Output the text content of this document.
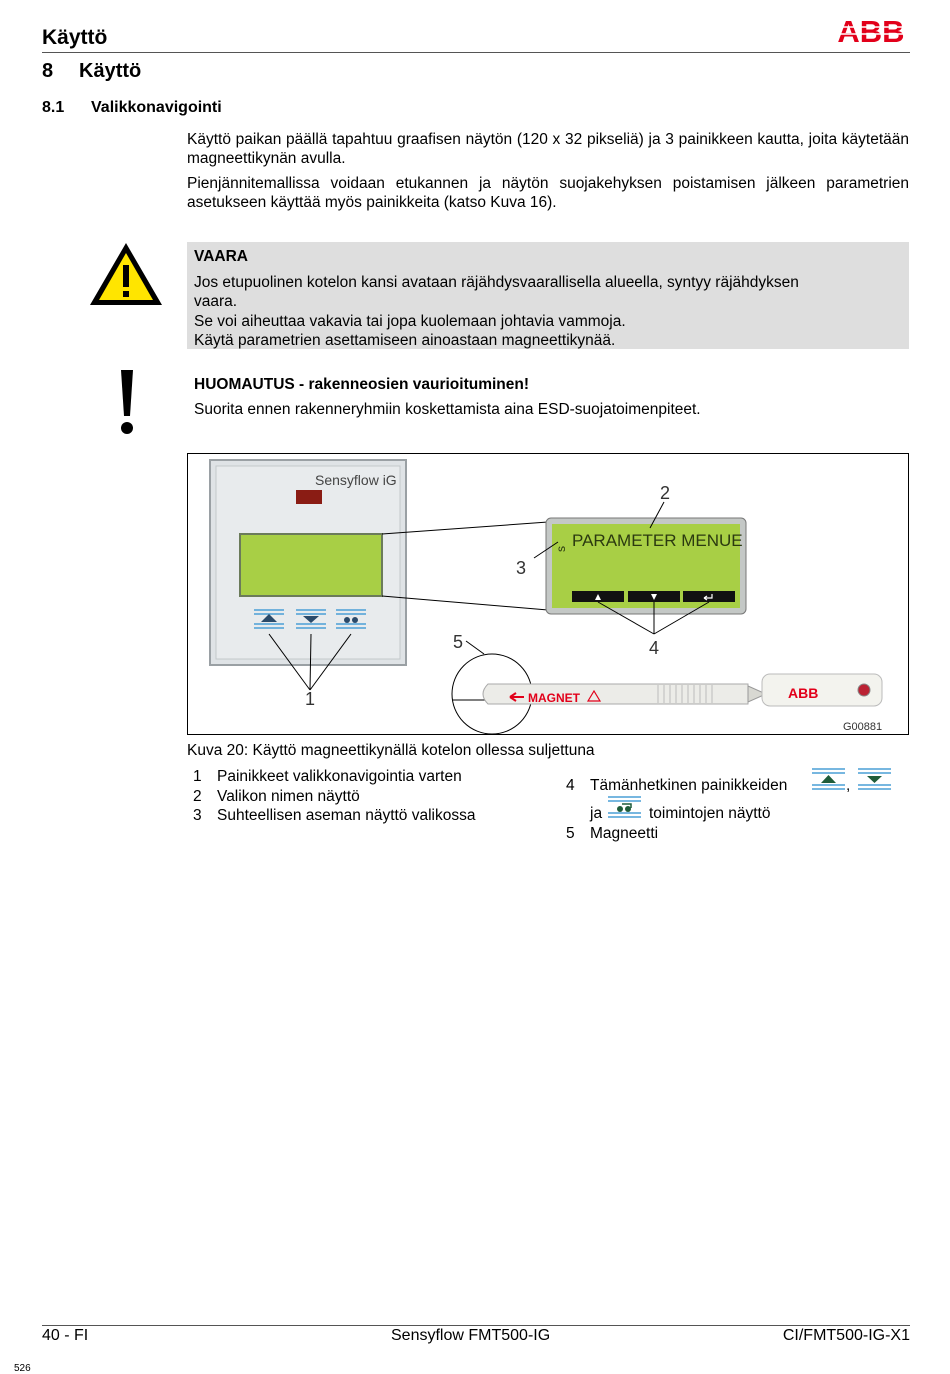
Käyttö	ABB
8 Käyttö
8.1 Valikkonavigointi
Käyttö paikan päällä tapahtuu graafisen näytön (120 x 32 pikseliä) ja 3 painikkeen kautta, joita käytetään magneettikynän avulla.
Pienjännitemallissa voidaan etukannen ja näytön suojakehyksen poistamisen jälkeen parametrien asetukseen käyttää myös painikkeita (katso Kuva 16).
VAARA
Jos etupuolinen kotelon kansi avataan räjähdysvaarallisella alueella, syntyy räjähdyksen
vaara.
Se voi aiheuttaa vakavia tai jopa kuolemaan johtavia vammoja.
Käytä parametrien asettamiseen ainoastaan magneettikynää.
HUOMAUTUS - rakenneosien vaurioituminen!
Suorita ennen rakenneryhmiin koskettamista aina ESD-suojatoimenpiteet.
Sensyflow iG
PARAMETER MENUE
s
ABB
MAGNET
2
3
4
5
1
G00881
Kuva 20: Käyttö magneettikynällä kotelon ollessa suljettuna
1 Painikkeet valikkonavigointia varten
2 Valikon nimen näyttö
3 Suhteellisen aseman näyttö valikossa
4 Tämänhetkinen painikkeiden	,
ja	toimintojen näyttö
5 Magneetti
40 - FI	Sensyflow FMT500-IG	CI/FMT500-IG-X1
526
